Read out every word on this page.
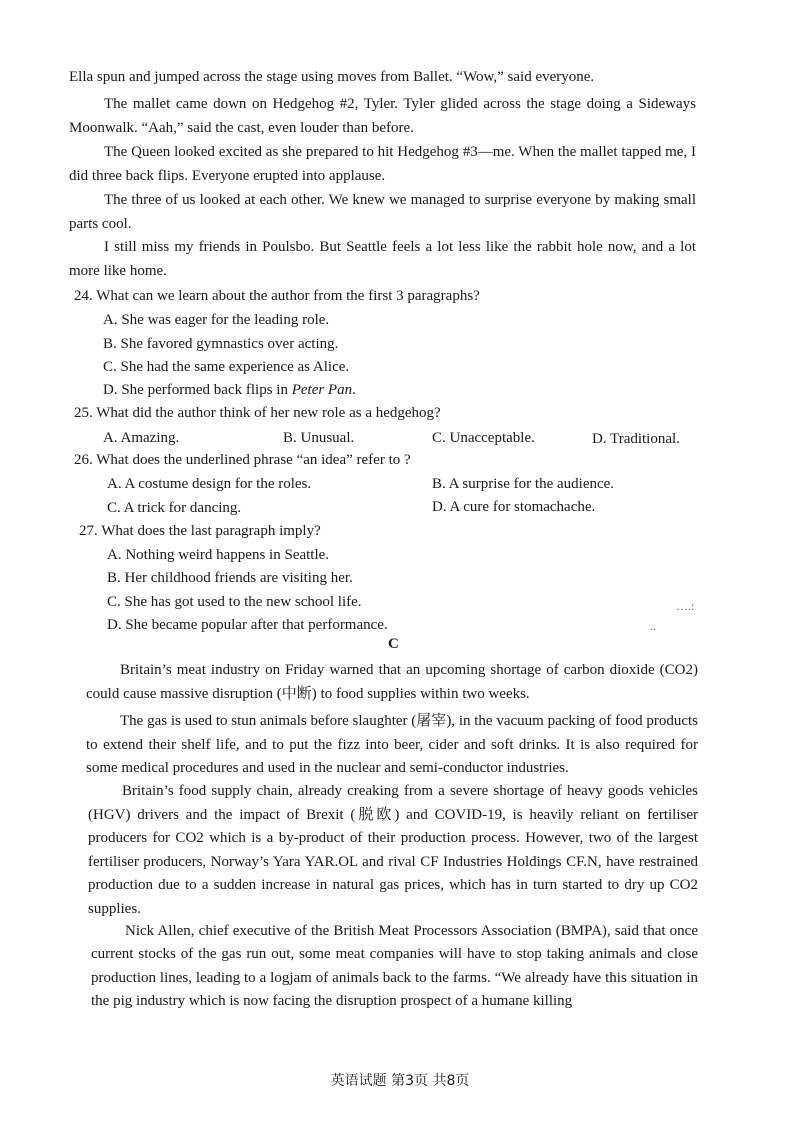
Ella spun and jumped across the stage using moves from Ballet. “Wow,” said everyone.

The mallet came down on Hedgehog #2, Tyler. Tyler glided across the stage doing a Sideways Moonwalk. “Aah,” said the cast, even louder than before.

The Queen looked excited as she prepared to hit Hedgehog #3—me. When the mallet tapped me, I did three back flips. Everyone erupted into applause.

The three of us looked at each other. We knew we managed to surprise everyone by making small parts cool.

I still miss my friends in Poulsbo. But Seattle feels a lot less like the rabbit hole now, and a lot more like home.

24. What can we learn about the author from the first 3 paragraphs?
A. She was eager for the leading role.
B. She favored gymnastics over acting.
C. She had the same experience as Alice.
D. She performed back flips in Peter Pan.
25. What did the author think of her new role as a hedgehog?
A. Amazing.	B. Unusual.	C. Unacceptable.	D. Traditional.
26. What does the underlined phrase “an idea” refer to ?
A. A costume design for the roles.	B. A surprise for the audience.
C. A trick for dancing.	D. A cure for stomachache.
27. What does the last paragraph imply?
A. Nothing weird happens in Seattle.
B. Her childhood friends are visiting her.
C. She has got used to the new school life.
D. She became popular after that performance.
….:
..
C

Britain’s meat industry on Friday warned that an upcoming shortage of carbon dioxide (CO2) could cause massive disruption (中断) to food supplies within two weeks.

The gas is used to stun animals before slaughter (屠宰), in the vacuum packing of food products to extend their shelf life, and to put the fizz into beer, cider and soft drinks. It is also required for some medical procedures and used in the nuclear and semi-conductor industries.

Britain’s food supply chain, already creaking from a severe shortage of heavy goods vehicles (HGV) drivers and the impact of Brexit (脱欧) and COVID-19, is heavily reliant on fertiliser producers for CO2 which is a by-product of their production process. However, two of the largest fertiliser producers, Norway’s Yara YAR.OL and rival CF Industries Holdings CF.N, have restrained production due to a sudden increase in natural gas prices, which has in turn started to dry up CO2 supplies.

Nick Allen, chief executive of the British Meat Processors Association (BMPA), said that once current stocks of the gas run out, some meat companies will have to stop taking animals and close production lines, leading to a logjam of animals back to the farms. “We already have this situation in the pig industry which is now facing the disruption prospect of a humane killing

英语试题 第3页 共8页
